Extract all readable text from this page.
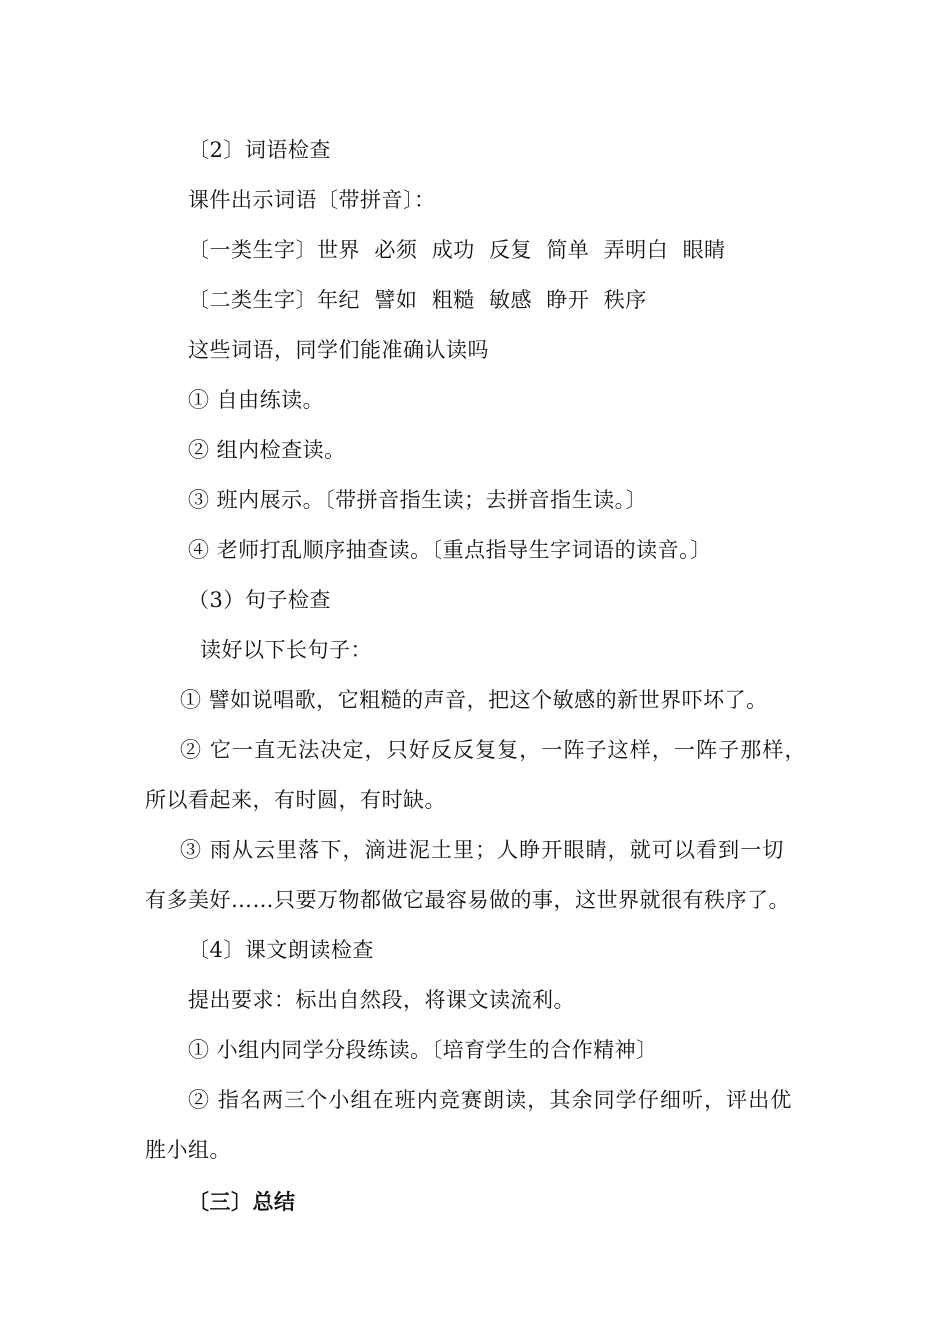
〔2〕词语检查
课件出示词语〔带拼音〕：
〔一类生字〕世界  必须  成功  反复  简单  弄明白  眼睛
〔二类生字〕年纪  譬如  粗糙  敏感  睁开  秩序
这些词语，同学们能准确认读吗
① 自由练读。
② 组内检查读。
③ 班内展示。〔带拼音指生读；去拼音指生读。〕
④ 老师打乱顺序抽查读。〔重点指导生字词语的读音。〕
（3）句子检查
读好以下长句子：
① 譬如说唱歌，它粗糙的声音，把这个敏感的新世界吓坏了。
② 它一直无法决定，只好反反复复，一阵子这样，一阵子那样，
所以看起来，有时圆，有时缺。
③ 雨从云里落下，滴进泥土里；人睁开眼睛，就可以看到一切
有多美好……只要万物都做它最容易做的事，这世界就很有秩序了。
〔4〕课文朗读检查
提出要求：标出自然段，将课文读流利。
① 小组内同学分段练读。〔培育学生的合作精神〕
② 指名两三个小组在班内竞赛朗读，其余同学仔细听，评出优
胜小组。
〔三〕总结
